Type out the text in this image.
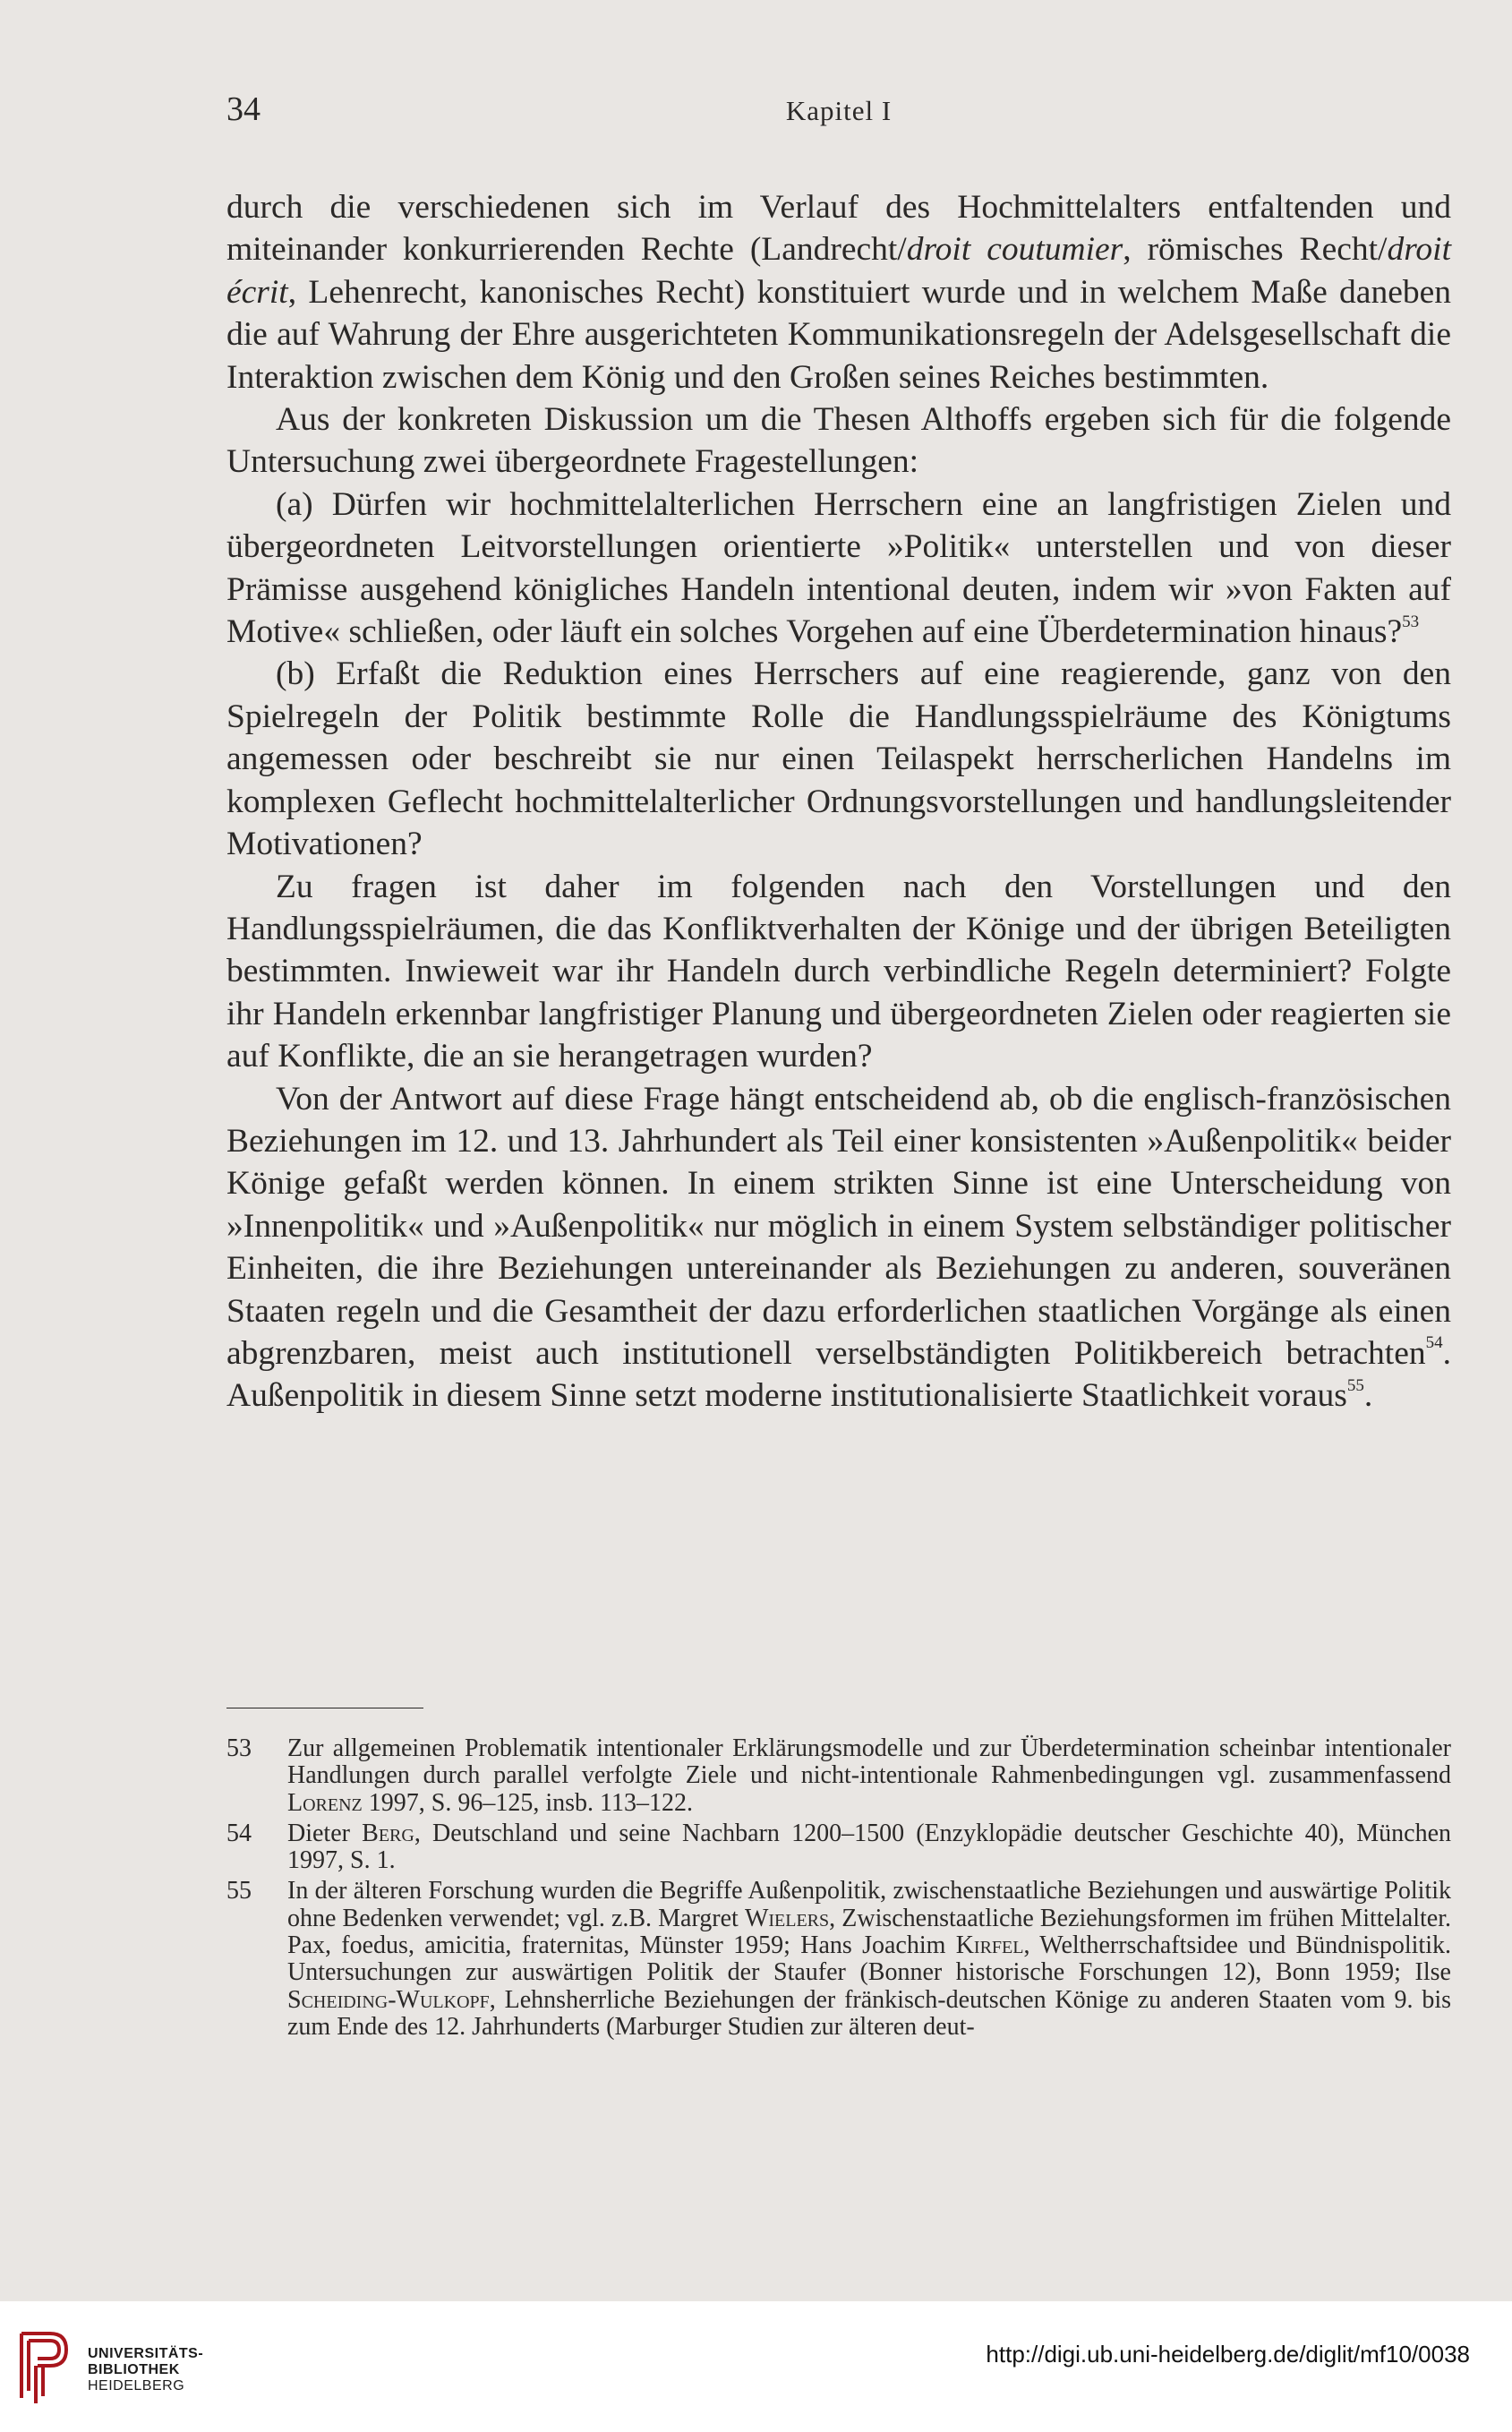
34	Kapitel I

durch die verschiedenen sich im Verlauf des Hochmittelalters entfaltenden und miteinander konkurrierenden Rechte (Landrecht/droit coutumier, römisches Recht/droit écrit, Lehenrecht, kanonisches Recht) konstituiert wurde und in welchem Maße daneben die auf Wahrung der Ehre ausgerichteten Kommunikationsregeln der Adelsgesellschaft die Interaktion zwischen dem König und den Großen seines Reiches bestimmten.

Aus der konkreten Diskussion um die Thesen Althoffs ergeben sich für die folgende Untersuchung zwei übergeordnete Fragestellungen:

(a) Dürfen wir hochmittelalterlichen Herrschern eine an langfristigen Zielen und übergeordneten Leitvorstellungen orientierte »Politik« unterstellen und von dieser Prämisse ausgehend königliches Handeln intentional deuten, indem wir »von Fakten auf Motive« schließen, oder läuft ein solches Vorgehen auf eine Überdetermination hinaus?$^{53}$

(b) Erfaßt die Reduktion eines Herrschers auf eine reagierende, ganz von den Spielregeln der Politik bestimmte Rolle die Handlungsspielräume des Königtums angemessen oder beschreibt sie nur einen Teilaspekt herrscherlichen Handelns im komplexen Geflecht hochmittelalterlicher Ordnungsvorstellungen und handlungsleitender Motivationen?

Zu fragen ist daher im folgenden nach den Vorstellungen und den Handlungsspielräumen, die das Konfliktverhalten der Könige und der übrigen Beteiligten bestimmten. Inwieweit war ihr Handeln durch verbindliche Regeln determiniert? Folgte ihr Handeln erkennbar langfristiger Planung und übergeordneten Zielen oder reagierten sie auf Konflikte, die an sie herangetragen wurden?

Von der Antwort auf diese Frage hängt entscheidend ab, ob die englisch-französischen Beziehungen im 12. und 13. Jahrhundert als Teil einer konsistenten »Außenpolitik« beider Könige gefaßt werden können. In einem strikten Sinne ist eine Unterscheidung von »Innenpolitik« und »Außenpolitik« nur möglich in einem System selbständiger politischer Einheiten, die ihre Beziehungen untereinander als Beziehungen zu anderen, souveränen Staaten regeln und die Gesamtheit der dazu erforderlichen staatlichen Vorgänge als einen abgrenzbaren, meist auch institutionell verselbständigten Politikbereich betrachten$^{54}$. Außenpolitik in diesem Sinne setzt moderne institutionalisierte Staatlichkeit voraus$^{55}$.

53 Zur allgemeinen Problematik intentionaler Erklärungsmodelle und zur Überdetermination scheinbar intentionaler Handlungen durch parallel verfolgte Ziele und nicht-intentionale Rahmenbedingungen vgl. zusammenfassend Lorenz 1997, S. 96–125, insb. 113–122.
54 Dieter Berg, Deutschland und seine Nachbarn 1200–1500 (Enzyklopädie deutscher Geschichte 40), München 1997, S. 1.
55 In der älteren Forschung wurden die Begriffe Außenpolitik, zwischenstaatliche Beziehungen und auswärtige Politik ohne Bedenken verwendet; vgl. z.B. Margret Wielers, Zwischenstaatliche Beziehungsformen im frühen Mittelalter. Pax, foedus, amicitia, fraternitas, Münster 1959; Hans Joachim Kirfel, Weltherrschaftsidee und Bündnispolitik. Untersuchungen zur auswärtigen Politik der Staufer (Bonner historische Forschungen 12), Bonn 1959; Ilse Scheiding-Wulkopf, Lehnsherrliche Beziehungen der fränkisch-deutschen Könige zu anderen Staaten vom 9. bis zum Ende des 12. Jahrhunderts (Marburger Studien zur älteren deut-
UNIVERSITÄTS-
BIBLIOTHEK
HEIDELBERG
http://digi.ub.uni-heidelberg.de/diglit/mf10/0038
